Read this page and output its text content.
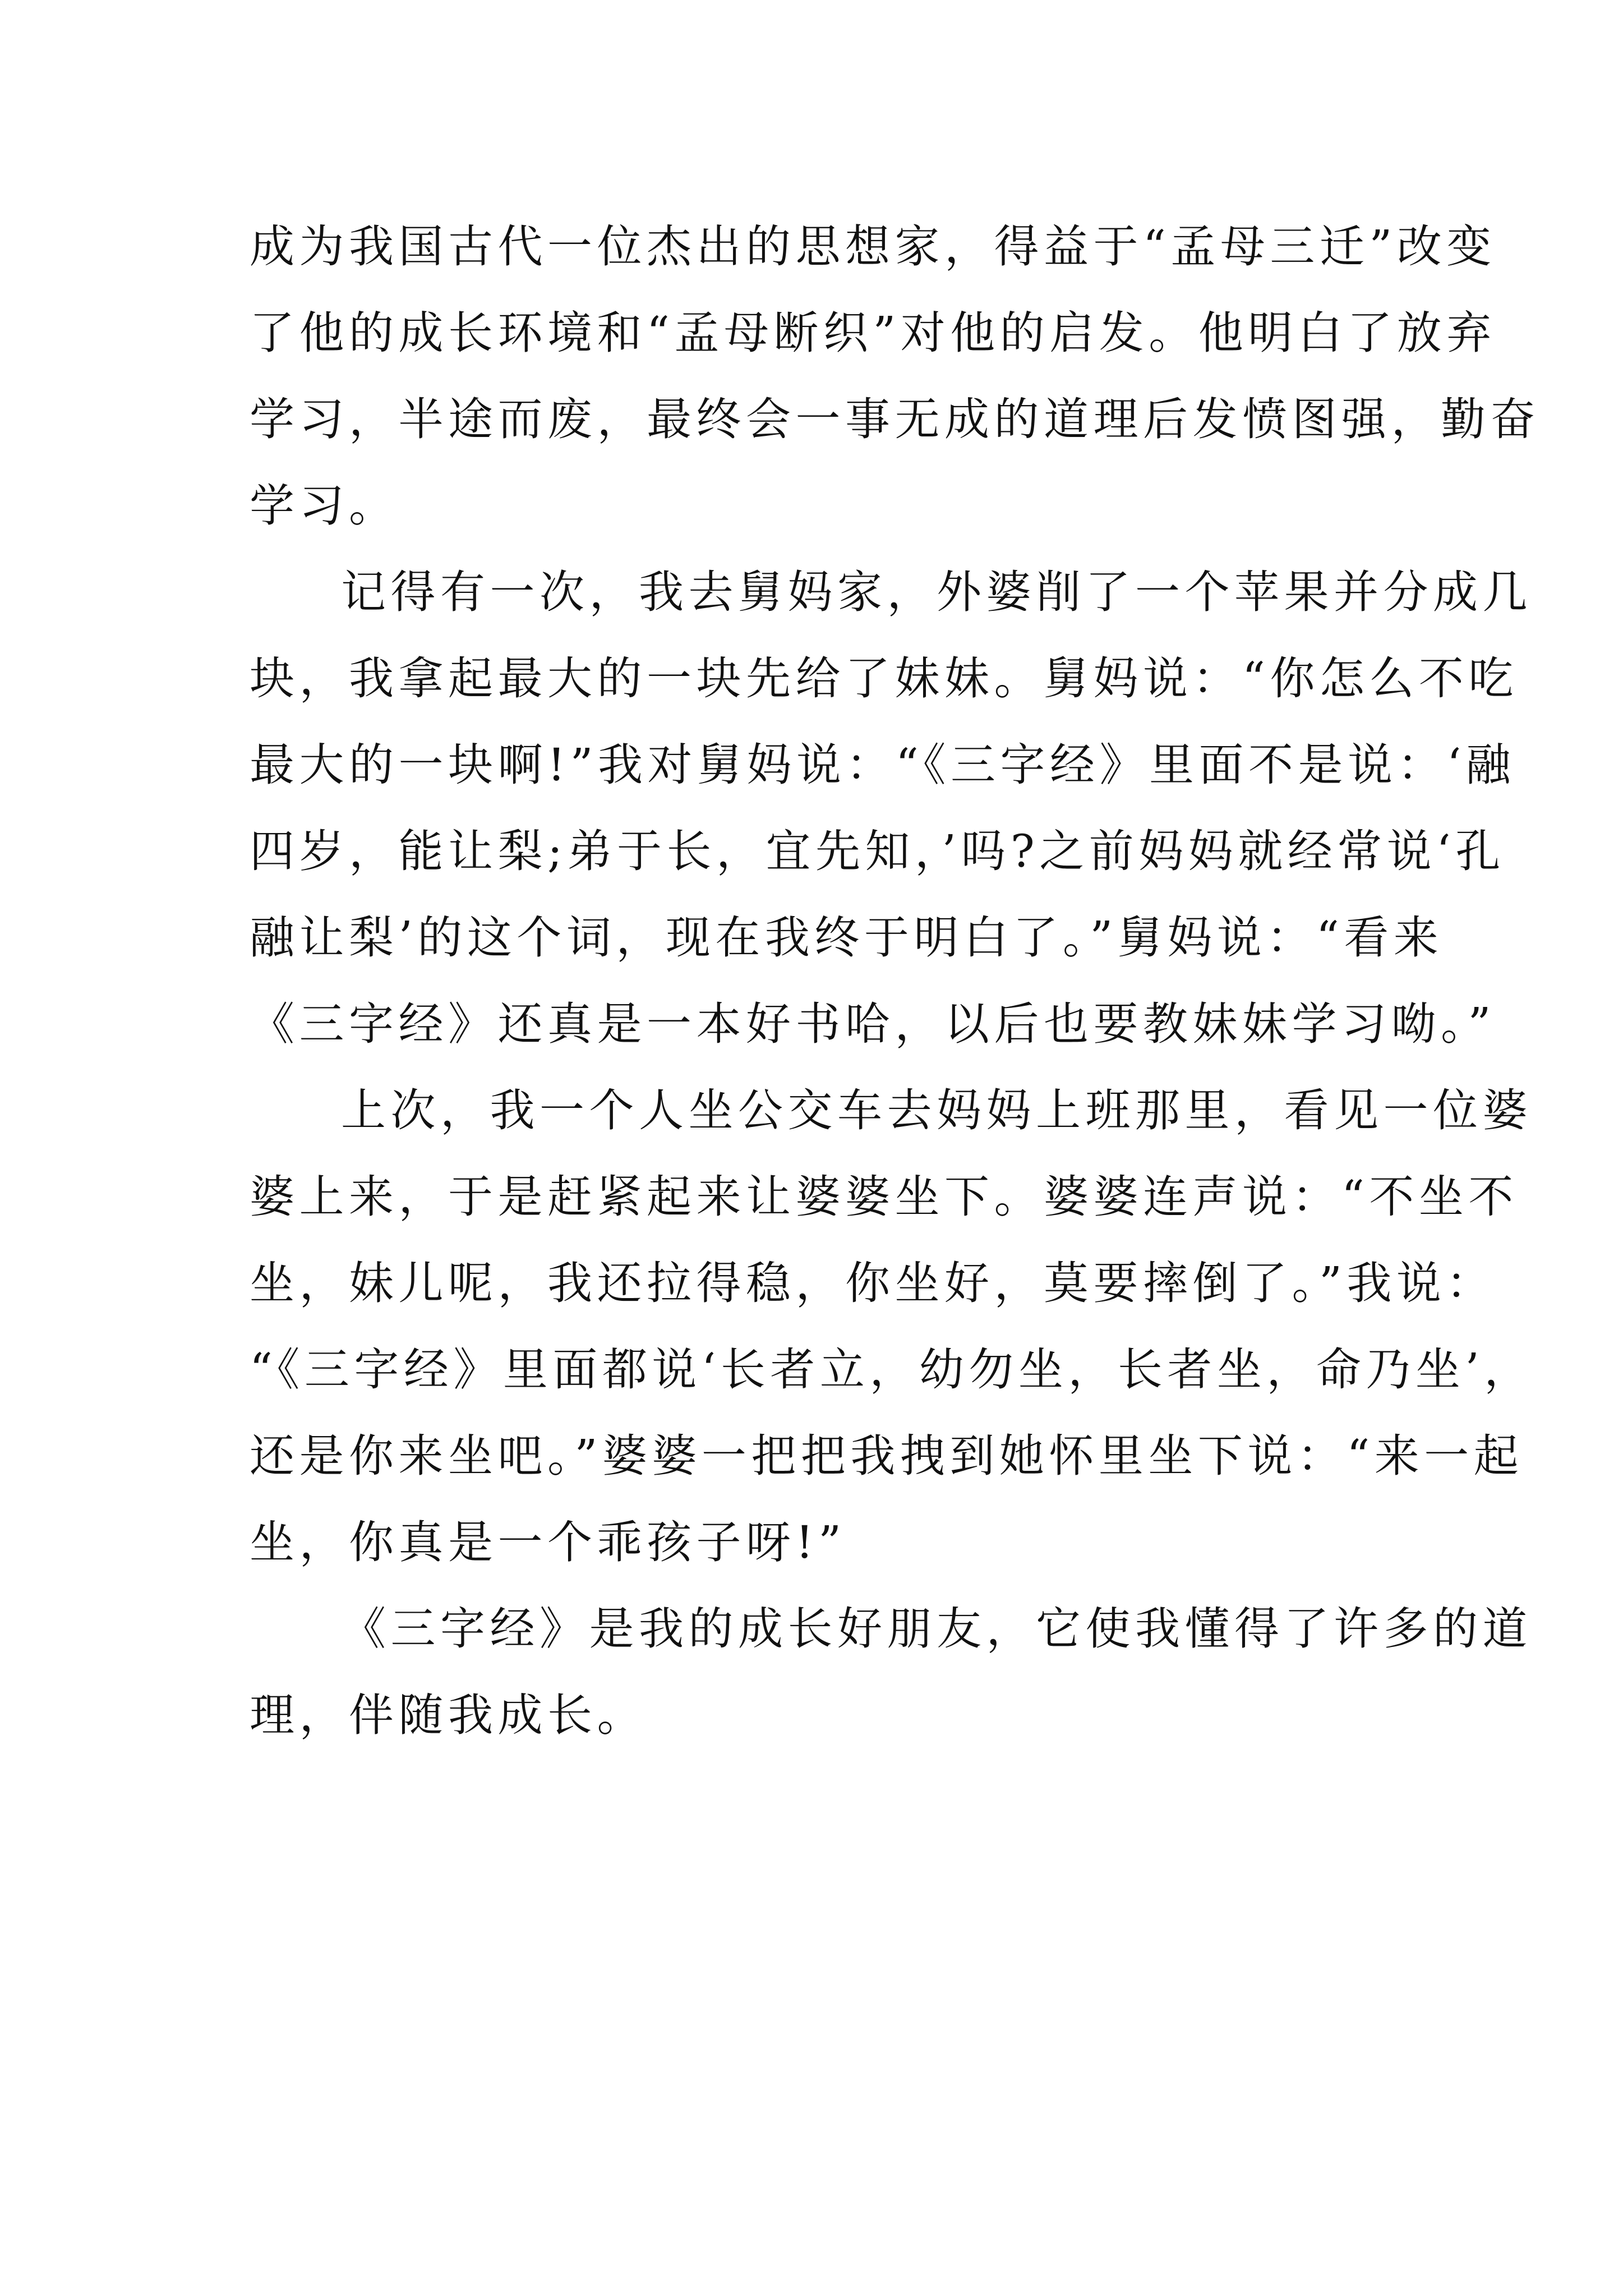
成为我国古代一位杰出的思想家，得益于“孟母三迁”改变
了他的成长环境和“孟母断织”对他的启发。他明白了放弃
学习，半途而废，最终会一事无成的道理后发愤图强，勤奋
学习。
记得有一次，我去舅妈家，外婆削了一个苹果并分成几
块，我拿起最大的一块先给了妹妹。舅妈说：“你怎么不吃
最大的一块啊!”我对舅妈说：“《三字经》里面不是说：‘融
四岁，能让梨;弟于长，宜先知，’吗?之前妈妈就经常说‘孔
融让梨’的这个词，现在我终于明白了。”舅妈说：“看来
《三字经》还真是一本好书哈，以后也要教妹妹学习呦。”
上次，我一个人坐公交车去妈妈上班那里，看见一位婆
婆上来，于是赶紧起来让婆婆坐下。婆婆连声说：“不坐不
坐，妹儿呢，我还拉得稳，你坐好，莫要摔倒了。”我说：
“《三字经》里面都说‘长者立，幼勿坐，长者坐，命乃坐’，
还是你来坐吧。”婆婆一把把我拽到她怀里坐下说：“来一起
坐，你真是一个乖孩子呀!”
《三字经》是我的成长好朋友，它使我懂得了许多的道
理，伴随我成长。
